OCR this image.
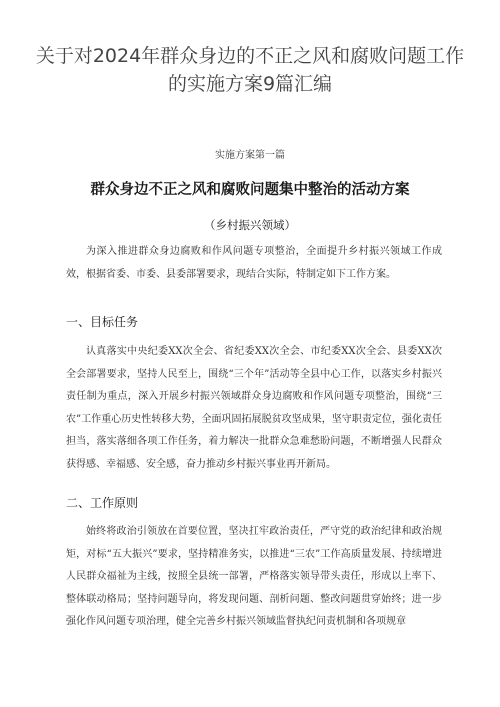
关于对2024年群众身边的不正之风和腐败问题工作
的实施方案9篇汇编
实施方案第一篇
群众身边不正之风和腐败问题集中整治的活动方案
（乡村振兴领域）

为深入推进群众身边腐败和作风问题专项整治，全面提升乡村振兴领域工作成效，根据省委、市委、县委部署要求，现结合实际，特制定如下工作方案。

一、目标任务

认真落实中央纪委XX次全会、省纪委XX次全会、市纪委XX次全会、县委XX次全会部署要求，坚持人民至上，围绕“三个年”活动等全县中心工作，以落实乡村振兴责任制为重点，深入开展乡村振兴领域群众身边腐败和作风问题专项整治，围绕“三农”工作重心历史性转移大势，全面巩固拓展脱贫攻坚成果，坚守职责定位，强化责任担当，落实落细各项工作任务，着力解决一批群众急难愁盼问题，不断增强人民群众获得感、幸福感、安全感，奋力推动乡村振兴事业再开新局。

二、工作原则

始终将政治引领放在首要位置，坚决扛牢政治责任，严守党的政治纪律和政治规矩，对标“五大振兴”要求，坚持精准务实，以推进“三农”工作高质量发展、持续增进人民群众福祉为主线，按照全县统一部署，严格落实领导带头责任，形成以上率下、整体联动格局；坚持问题导向，将发现问题、剖析问题、整改问题贯穿始终；进一步强化作风问题专项治理，健全完善乡村振兴领域监督执纪问责机制和各项规章
